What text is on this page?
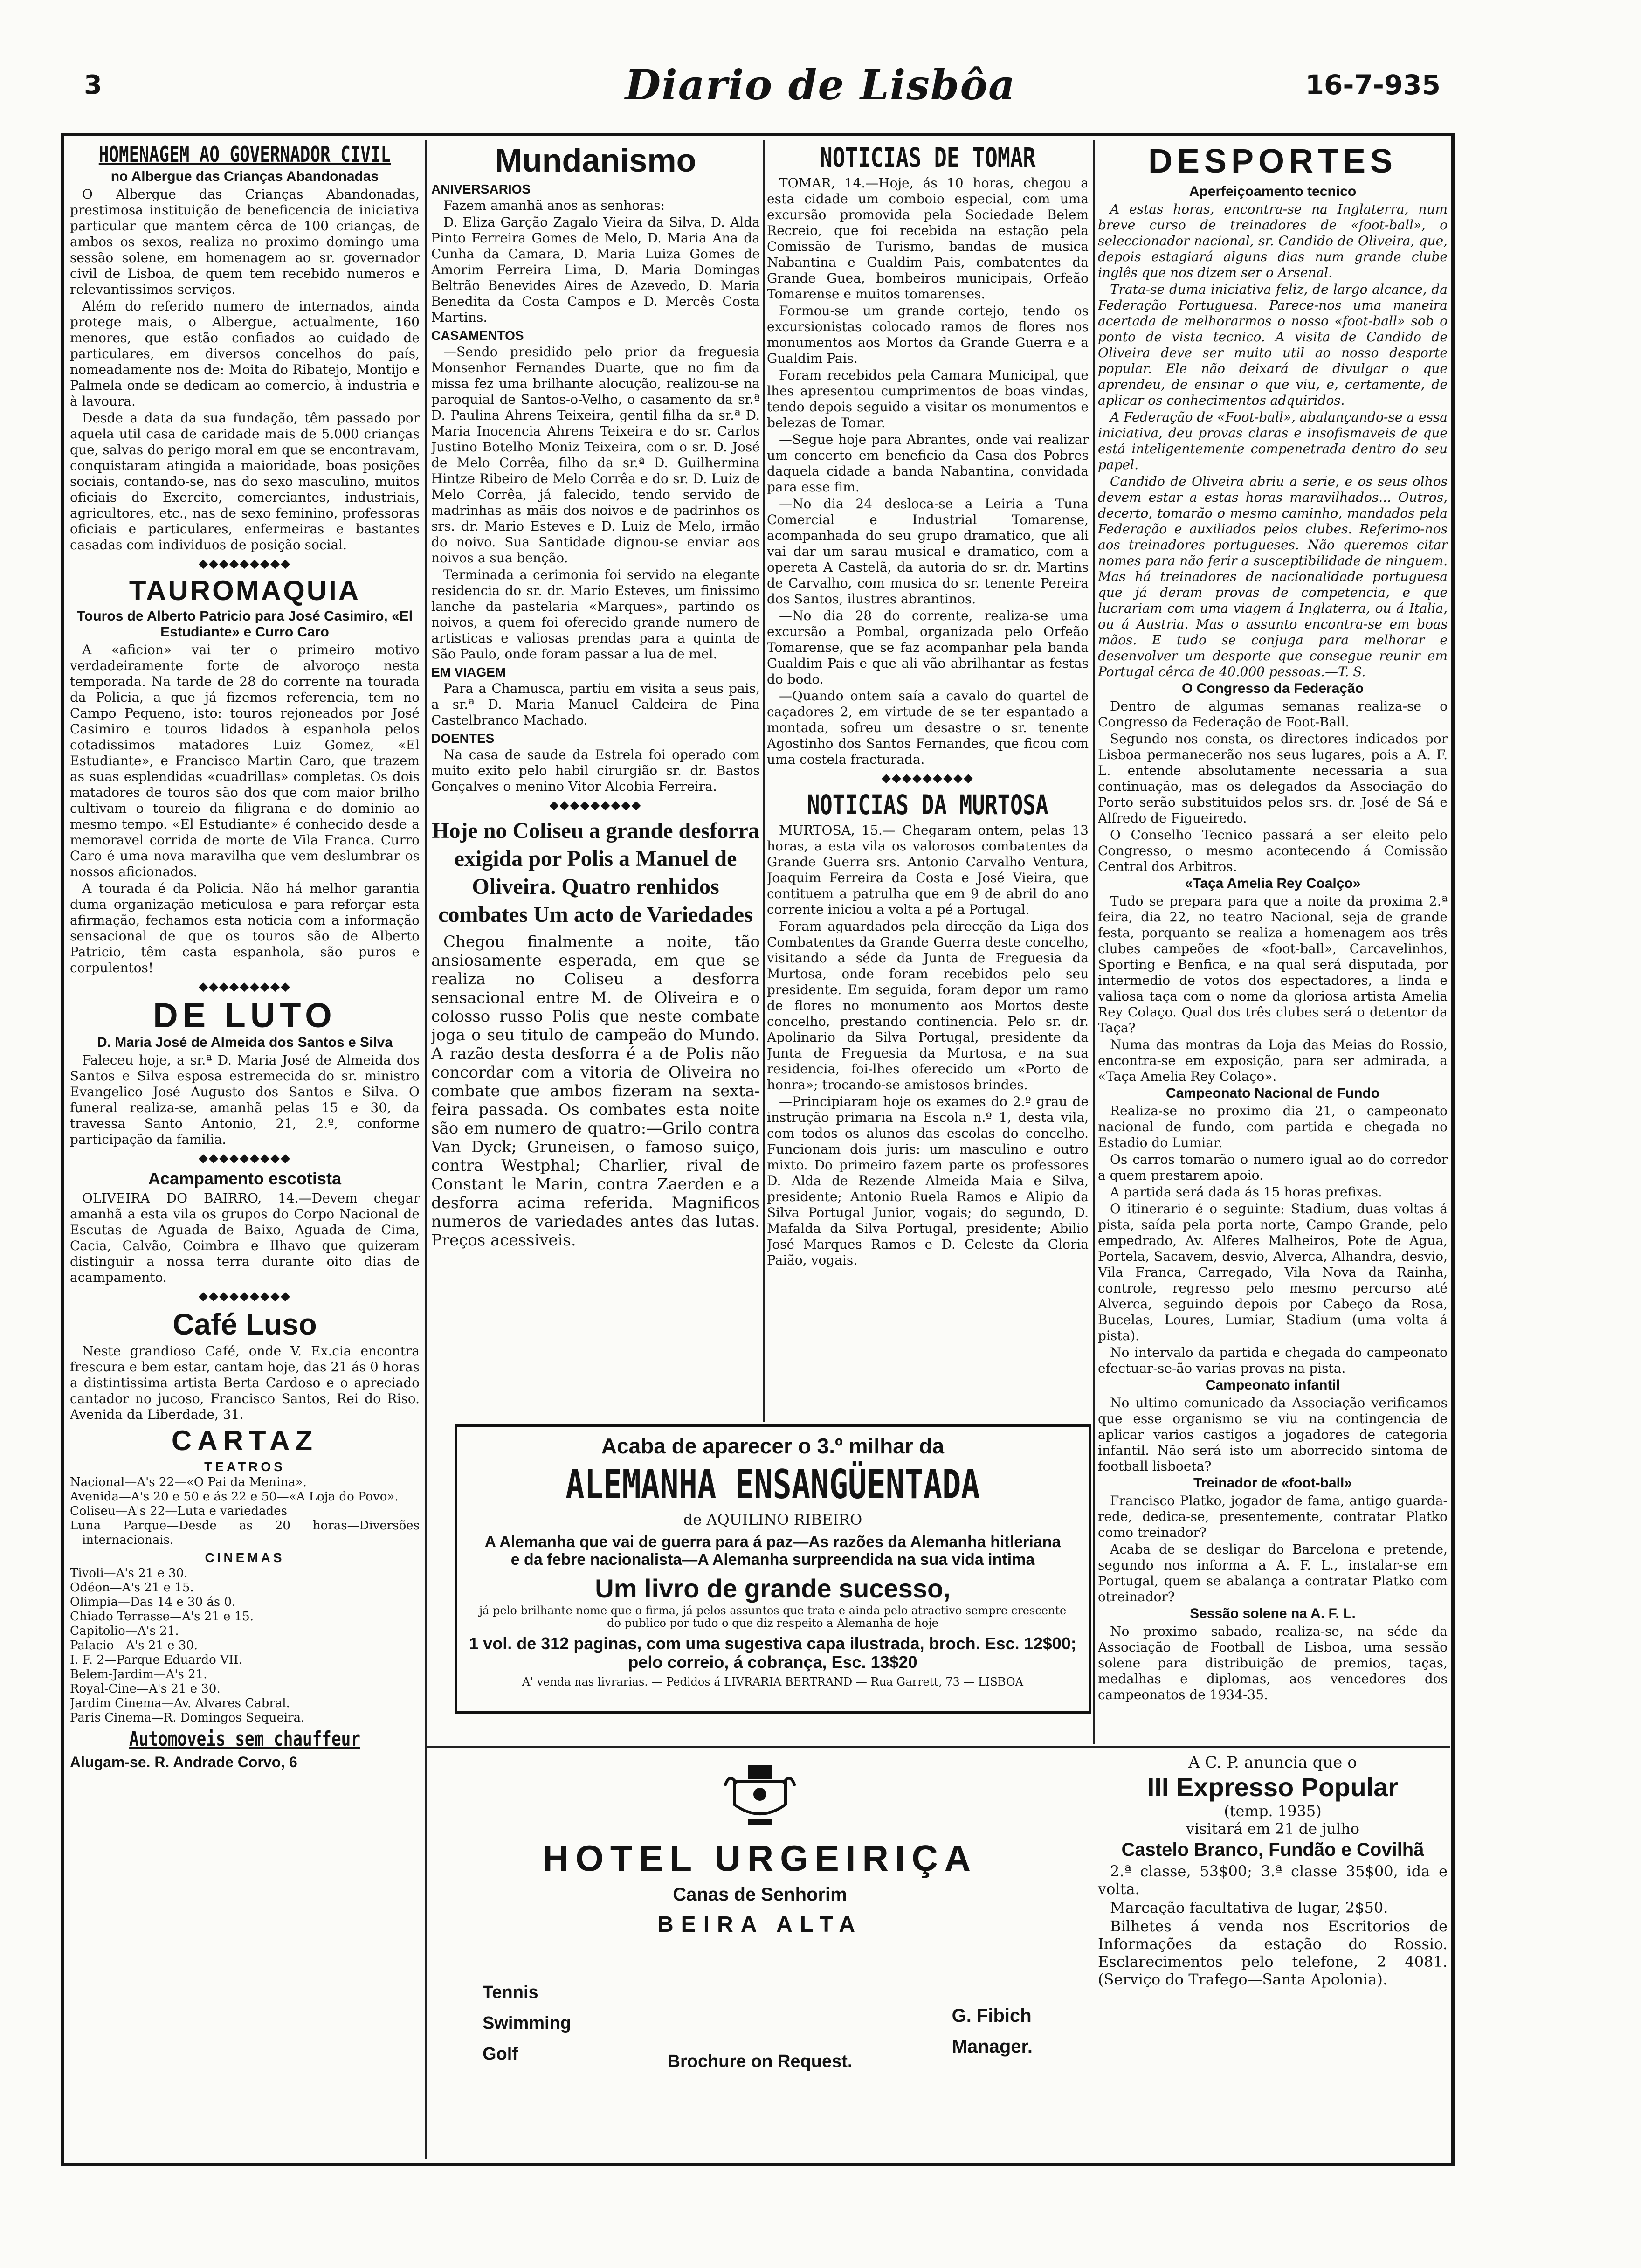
3	Diario de Lisbôa	16-7-935
HOMENAGEM AO GOVERNADOR CIVIL
no Albergue das Crianças Abandonadas

O Albergue das Crianças Abandonadas, prestimosa instituição de beneficencia de iniciativa particular que mantem cêrca de 100 crianças, de ambos os sexos, realiza no proximo domingo uma sessão solene, em homenagem ao sr. governador civil de Lisboa, de quem tem recebido numeros e relevantissimos serviços.

Além do referido numero de internados, ainda protege mais, o Albergue, actualmente, 160 menores, que estão confiados ao cuidado de particulares, em diversos concelhos do país, nomeadamente nos de: Moita do Ribatejo, Montijo e Palmela onde se dedicam ao comercio, à industria e à lavoura.

Desde a data da sua fundação, têm passado por aquela util casa de caridade mais de 5.000 crianças que, salvas do perigo moral em que se encontravam, conquistaram atingida a maioridade, boas posições sociais, contando-se, nas do sexo masculino, muitos oficiais do Exercito, comerciantes, industriais, agricultores, etc., nas de sexo feminino, professoras oficiais e particulares, enfermeiras e bastantes casadas com individuos de posição social.

◆◆◆◆◆◆◆◆◆
TAUROMAQUIA
Touros de Alberto Patricio para José Casimiro, «El Estudiante» e Curro Caro

A «aficion» vai ter o primeiro motivo verdadeiramente forte de alvoroço nesta temporada. Na tarde de 28 do corrente na tourada da Policia, a que já fizemos referencia, tem no Campo Pequeno, isto: touros rejoneados por José Casimiro e touros lidados à espanhola pelos cotadissimos matadores Luiz Gomez, «El Estudiante», e Francisco Martin Caro, que trazem as suas esplendidas «cuadrillas» completas. Os dois matadores de touros são dos que com maior brilho cultivam o toureio da filigrana e do dominio ao mesmo tempo. «El Estudiante» é conhecido desde a memoravel corrida de morte de Vila Franca. Curro Caro é uma nova maravilha que vem deslumbrar os nossos aficionados.

A tourada é da Policia. Não há melhor garantia duma organização meticulosa e para reforçar esta afirmação, fechamos esta noticia com a informação sensacional de que os touros são de Alberto Patricio, têm casta espanhola, são puros e corpulentos!

◆◆◆◆◆◆◆◆◆
DE LUTO
D. Maria José de Almeida dos Santos e Silva

Faleceu hoje, a sr.ª D. Maria José de Almeida dos Santos e Silva esposa estremecida do sr. ministro Evangelico José Augusto dos Santos e Silva. O funeral realiza-se, amanhã pelas 15 e 30, da travessa Santo Antonio, 21, 2.º, conforme participação da familia.

◆◆◆◆◆◆◆◆◆
Acampamento escotista

OLIVEIRA DO BAIRRO, 14.—Devem chegar amanhã a esta vila os grupos do Corpo Nacional de Escutas de Aguada de Baixo, Aguada de Cima, Cacia, Calvão, Coimbra e Ilhavo que quizeram distinguir a nossa terra durante oito dias de acampamento.

◆◆◆◆◆◆◆◆◆
Café Luso

Neste grandioso Café, onde V. Ex.cia encontra frescura e bem estar, cantam hoje, das 21 ás 0 horas a distintissima artista Berta Cardoso e o apreciado cantador no jucoso, Francisco Santos, Rei do Riso. Avenida da Liberdade, 31.

CARTAZ
TEATROS

Nacional—A's 22—«O Pai da Menina».

Avenida—A's 20 e 50 e ás 22 e 50—«A Loja do Povo».

Coliseu—A's 22—Luta e variedades

Luna Parque—Desde as 20 horas—Diversões internacionais.

CINEMAS

Tivoli—A's 21 e 30.

Odéon—A's 21 e 15.

Olimpia—Das 14 e 30 ás 0.

Chiado Terrasse—A's 21 e 15.

Capitolio—A's 21.

Palacio—A's 21 e 30.

I. F. 2—Parque Eduardo VII.

Belem-Jardim—A's 21.

Royal-Cine—A's 21 e 30.

Jardim Cinema—Av. Alvares Cabral.

Paris Cinema—R. Domingos Sequeira.

Automoveis sem chauffeur
Alugam-se. R. Andrade Corvo, 6
Mundanismo
ANIVERSARIOS

Fazem amanhã anos as senhoras:

D. Eliza Garção Zagalo Vieira da Silva, D. Alda Pinto Ferreira Gomes de Melo, D. Maria Ana da Cunha da Camara, D. Maria Luiza Gomes de Amorim Ferreira Lima, D. Maria Domingas Beltrão Benevides Aires de Azevedo, D. Maria Benedita da Costa Campos e D. Mercês Costa Martins.

CASAMENTOS

—Sendo presidido pelo prior da freguesia Monsenhor Fernandes Duarte, que no fim da missa fez uma brilhante alocução, realizou-se na paroquial de Santos-o-Velho, o casamento da sr.ª D. Paulina Ahrens Teixeira, gentil filha da sr.ª D. Maria Inocencia Ahrens Teixeira e do sr. Carlos Justino Botelho Moniz Teixeira, com o sr. D. José de Melo Corrêa, filho da sr.ª D. Guilhermina Hintze Ribeiro de Melo Corrêa e do sr. D. Luiz de Melo Corrêa, já falecido, tendo servido de madrinhas as mãis dos noivos e de padrinhos os srs. dr. Mario Esteves e D. Luiz de Melo, irmão do noivo. Sua Santidade dignou-se enviar aos noivos a sua benção.

Terminada a cerimonia foi servido na elegante residencia do sr. dr. Mario Esteves, um finissimo lanche da pastelaria «Marques», partindo os noivos, a quem foi oferecido grande numero de artisticas e valiosas prendas para a quinta de São Paulo, onde foram passar a lua de mel.

EM VIAGEM

Para a Chamusca, partiu em visita a seus pais, a sr.ª D. Maria Manuel Caldeira de Pina Castelbranco Machado.

DOENTES

Na casa de saude da Estrela foi operado com muito exito pelo habil cirurgião sr. dr. Bastos Gonçalves o menino Vitor Alcobia Ferreira.

◆◆◆◆◆◆◆◆◆
Hoje no Coliseu a grande desforra exigida por Polis a Manuel de Oliveira. Quatro renhidos combates Um acto de Variedades

Chegou finalmente a noite, tão ansiosamente esperada, em que se realiza no Coliseu a desforra sensacional entre M. de Oliveira e o colosso russo Polis que neste combate joga o seu titulo de campeão do Mundo. A razão desta desforra é a de Polis não concordar com a vitoria de Oliveira no combate que ambos fizeram na sexta-feira passada. Os combates esta noite são em numero de quatro:—Grilo contra Van Dyck; Gruneisen, o famoso suiço, contra Westphal; Charlier, rival de Constant le Marin, contra Zaerden e a desforra acima referida. Magnificos numeros de variedades antes das lutas. Preços acessiveis.

NOTICIAS DE TOMAR

TOMAR, 14.—Hoje, ás 10 horas, chegou a esta cidade um comboio especial, com uma excursão promovida pela Sociedade Belem Recreio, que foi recebida na estação pela Comissão de Turismo, bandas de musica Nabantina e Gualdim Pais, combatentes da Grande Guea, bombeiros municipais, Orfeão Tomarense e muitos tomarenses.

Formou-se um grande cortejo, tendo os excursionistas colocado ramos de flores nos monumentos aos Mortos da Grande Guerra e a Gualdim Pais.

Foram recebidos pela Camara Municipal, que lhes apresentou cumprimentos de boas vindas, tendo depois seguido a visitar os monumentos e belezas de Tomar.

—Segue hoje para Abrantes, onde vai realizar um concerto em beneficio da Casa dos Pobres daquela cidade a banda Nabantina, convidada para esse fim.

—No dia 24 desloca-se a Leiria a Tuna Comercial e Industrial Tomarense, acompanhada do seu grupo dramatico, que ali vai dar um sarau musical e dramatico, com a opereta A Castelã, da autoria do sr. dr. Martins de Carvalho, com musica do sr. tenente Pereira dos Santos, ilustres abrantinos.

—No dia 28 do corrente, realiza-se uma excursão a Pombal, organizada pelo Orfeão Tomarense, que se faz acompanhar pela banda Gualdim Pais e que ali vão abrilhantar as festas do bodo.

—Quando ontem saía a cavalo do quartel de caçadores 2, em virtude de se ter espantado a montada, sofreu um desastre o sr. tenente Agostinho dos Santos Fernandes, que ficou com uma costela fracturada.

◆◆◆◆◆◆◆◆◆
NOTICIAS DA MURTOSA

MURTOSA, 15.— Chegaram ontem, pelas 13 horas, a esta vila os valorosos combatentes da Grande Guerra srs. Antonio Carvalho Ventura, Joaquim Ferreira da Costa e José Vieira, que contituem a patrulha que em 9 de abril do ano corrente iniciou a volta a pé a Portugal.

Foram aguardados pela direcção da Liga dos Combatentes da Grande Guerra deste concelho, visitando a séde da Junta de Freguesia da Murtosa, onde foram recebidos pelo seu presidente. Em seguida, foram depor um ramo de flores no monumento aos Mortos deste concelho, prestando continencia. Pelo sr. dr. Apolinario da Silva Portugal, presidente da Junta de Freguesia da Murtosa, e na sua residencia, foi-lhes oferecido um «Porto de honra»; trocando-se amistosos brindes.

—Principiaram hoje os exames do 2.º grau de instrução primaria na Escola n.º 1, desta vila, com todos os alunos das escolas do concelho. Funcionam dois juris: um masculino e outro mixto. Do primeiro fazem parte os professores D. Alda de Rezende Almeida Maia e Silva, presidente; Antonio Ruela Ramos e Alipio da Silva Portugal Junior, vogais; do segundo, D. Mafalda da Silva Portugal, presidente; Abilio José Marques Ramos e D. Celeste da Gloria Paião, vogais.

DESPORTES
Aperfeiçoamento tecnico

A estas horas, encontra-se na Inglaterra, num breve curso de treinadores de «foot-ball», o seleccionador nacional, sr. Candido de Oliveira, que, depois estagiará alguns dias num grande clube inglês que nos dizem ser o Arsenal.

Trata-se duma iniciativa feliz, de largo alcance, da Federação Portuguesa. Parece-nos uma maneira acertada de melhorarmos o nosso «foot-ball» sob o ponto de vista tecnico. A visita de Candido de Oliveira deve ser muito util ao nosso desporte popular. Ele não deixará de divulgar o que aprendeu, de ensinar o que viu, e, certamente, de aplicar os conhecimentos adquiridos.

A Federação de «Foot-ball», abalançando-se a essa iniciativa, deu provas claras e insofismaveis de que está inteligentemente compenetrada dentro do seu papel.

Candido de Oliveira abriu a serie, e os seus olhos devem estar a estas horas maravilhados... Outros, decerto, tomarão o mesmo caminho, mandados pela Federação e auxiliados pelos clubes. Referimo-nos aos treinadores portugueses. Não queremos citar nomes para não ferir a susceptibilidade de ninguem. Mas há treinadores de nacionalidade portuguesa que já deram provas de competencia, e que lucrariam com uma viagem á Inglaterra, ou á Italia, ou á Austria. Mas o assunto encontra-se em boas mãos. E tudo se conjuga para melhorar e desenvolver um desporte que consegue reunir em Portugal cêrca de 40.000 pessoas.—T. S.

O Congresso da Federação

Dentro de algumas semanas realiza-se o Congresso da Federação de Foot-Ball.

Segundo nos consta, os directores indicados por Lisboa permanecerão nos seus lugares, pois a A. F. L. entende absolutamente necessaria a sua continuação, mas os delegados da Associação do Porto serão substituidos pelos srs. dr. José de Sá e Alfredo de Figueiredo.

O Conselho Tecnico passará a ser eleito pelo Congresso, o mesmo acontecendo á Comissão Central dos Arbitros.

«Taça Amelia Rey Coalço»

Tudo se prepara para que a noite da proxima 2.ª feira, dia 22, no teatro Nacional, seja de grande festa, porquanto se realiza a homenagem aos três clubes campeões de «foot-ball», Carcavelinhos, Sporting e Benfica, e na qual será disputada, por intermedio de votos dos espectadores, a linda e valiosa taça com o nome da gloriosa artista Amelia Rey Colaço. Qual dos três clubes será o detentor da Taça?

Numa das montras da Loja das Meias do Rossio, encontra-se em exposição, para ser admirada, a «Taça Amelia Rey Colaço».

Campeonato Nacional de Fundo

Realiza-se no proximo dia 21, o campeonato nacional de fundo, com partida e chegada no Estadio do Lumiar.

Os carros tomarão o numero igual ao do corredor a quem prestarem apoio.

A partida será dada ás 15 horas prefixas.

O itinerario é o seguinte: Stadium, duas voltas á pista, saída pela porta norte, Campo Grande, pelo empedrado, Av. Alferes Malheiros, Pote de Agua, Portela, Sacavem, desvio, Alverca, Alhandra, desvio, Vila Franca, Carregado, Vila Nova da Rainha, controle, regresso pelo mesmo percurso até Alverca, seguindo depois por Cabeço da Rosa, Bucelas, Loures, Lumiar, Stadium (uma volta á pista).

No intervalo da partida e chegada do campeonato efectuar-se-ão varias provas na pista.

Campeonato infantil

No ultimo comunicado da Associação verificamos que esse organismo se viu na contingencia de aplicar varios castigos a jogadores de categoria infantil. Não será isto um aborrecido sintoma de football lisboeta?

Treinador de «foot-ball»

Francisco Platko, jogador de fama, antigo guarda-rede, dedica-se, presentemente, contratar Platko como treinador?

Acaba de se desligar do Barcelona e pretende, segundo nos informa a A. F. L., instalar-se em Portugal, quem se abalança a contratar Platko com otreinador?

Sessão solene na A. F. L.

No proximo sabado, realiza-se, na séde da Associação de Football de Lisboa, uma sessão solene para distribuição de premios, taças, medalhas e diplomas, aos vencedores dos campeonatos de 1934-35.

Acaba de aparecer o 3.º milhar da
ALEMANHA ENSANGÜENTADA
de AQUILINO RIBEIRO
A Alemanha que vai de guerra para á paz—As razões da Alemanha hitleriana e da febre nacionalista—A Alemanha surpreendida na sua vida intima
Um livro de grande sucesso,
já pelo brilhante nome que o firma, já pelos assuntos que trata e ainda pelo atractivo sempre crescente do publico por tudo o que diz respeito a Alemanha de hoje
1 vol. de 312 paginas, com uma sugestiva capa ilustrada, broch. Esc. 12$00; pelo correio, á cobrança, Esc. 13$20
A' venda nas livrarias. — Pedidos á LIVRARIA BERTRAND — Rua Garrett, 73 — LISBOA
HOTEL URGEIRIÇA
Canas de Senhorim
BEIRA ALTA
Tennis
Swimming
Golf
G. Fibich
Manager.
Brochure on Request.
A C. P. anuncia que o
III Expresso Popular
(temp. 1935)
visitará em 21 de julho
Castelo Branco, Fundão e Covilhã

2.ª classe, 53$00; 3.ª classe 35$00, ida e volta.

Marcação facultativa de lugar, 2$50.

Bilhetes á venda nos Escritorios de Informações da estação do Rossio. Esclarecimentos pelo telefone, 2 4081. (Serviço do Trafego—Santa Apolonia).
